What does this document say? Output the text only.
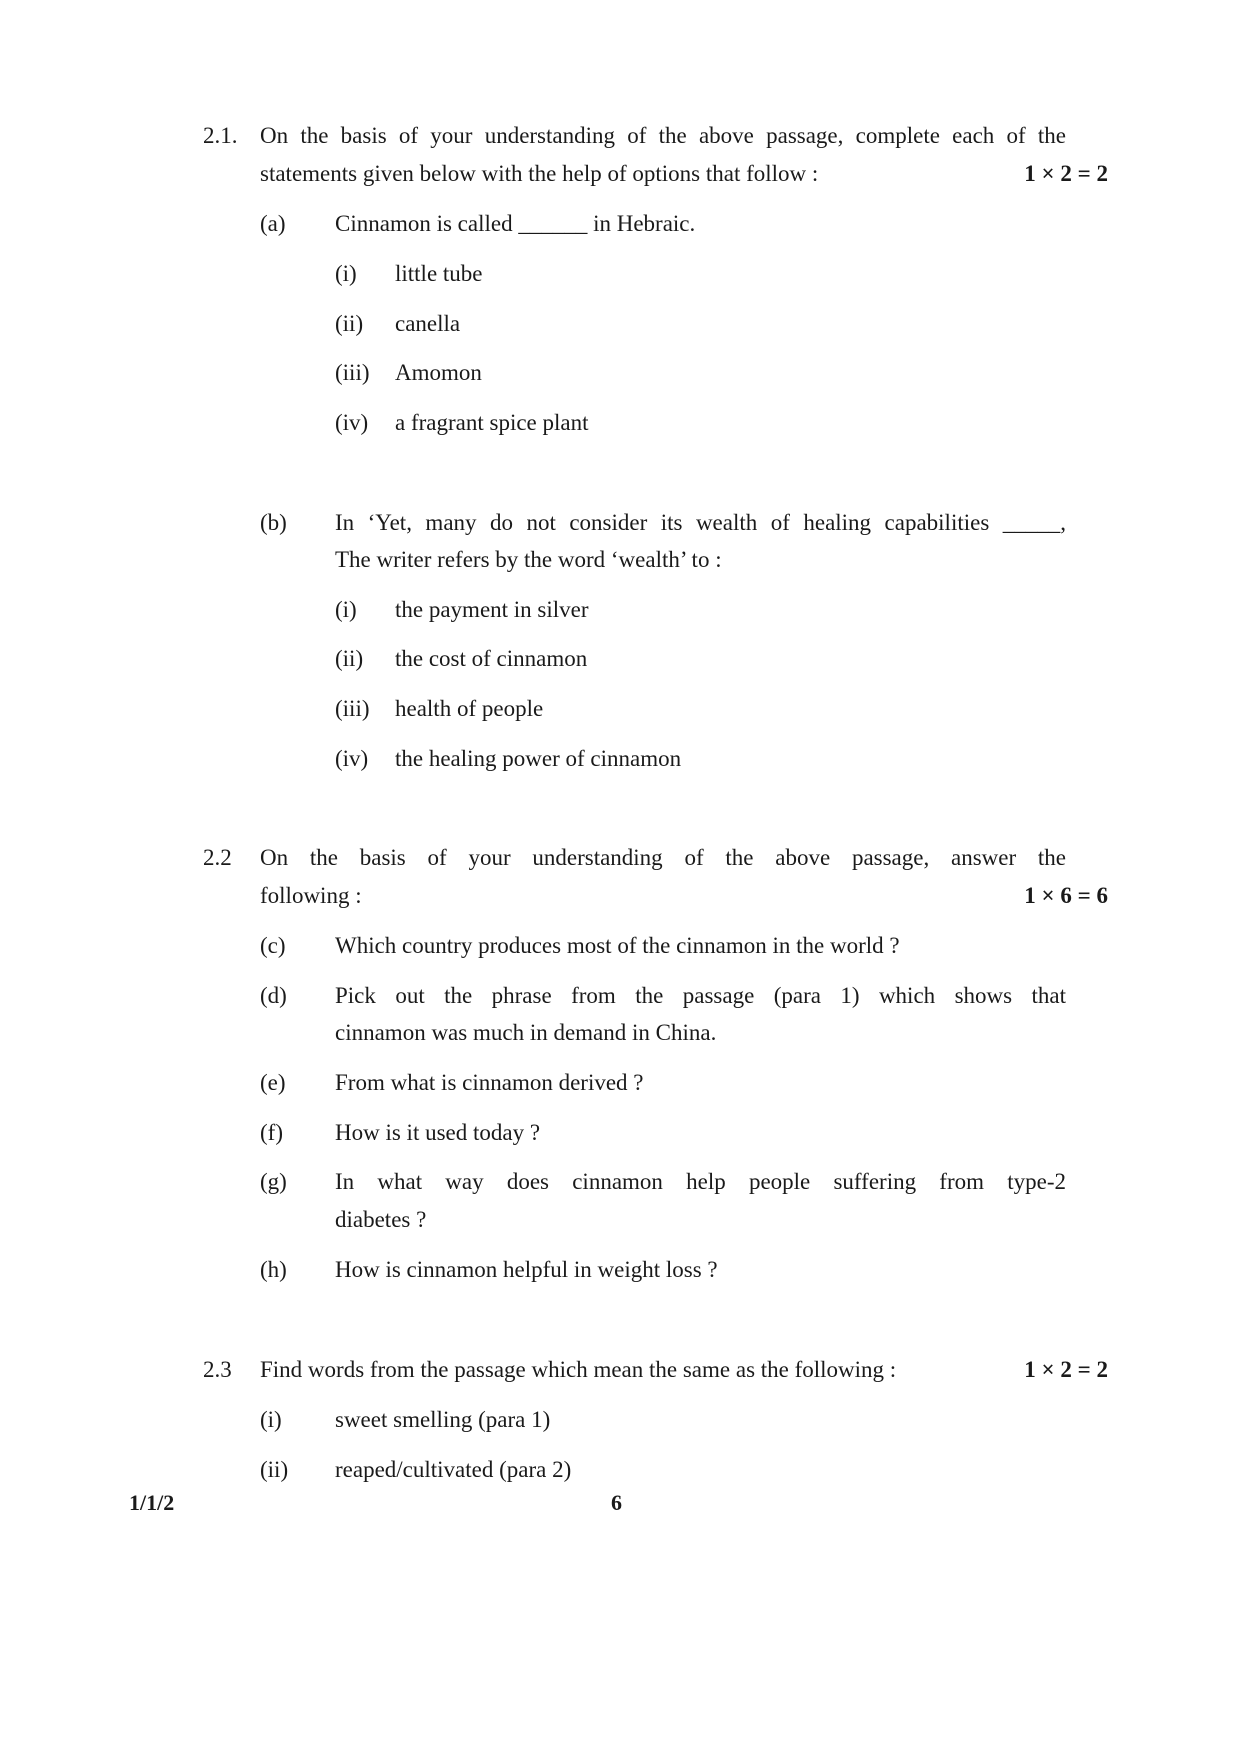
2.1. On the basis of your understanding of the above passage, complete each of the
statements given below with the help of options that follow :	1 × 2 = 2
(a) Cinnamon is called ______ in Hebraic.
(i) little tube
(ii) canella
(iii) Amomon
(iv) a fragrant spice plant
(b) In ‘Yet, many do not consider its wealth of healing capabilities _____,
The writer refers by the word ‘wealth’ to :
(i) the payment in silver
(ii) the cost of cinnamon
(iii) health of people
(iv) the healing power of cinnamon
2.2 On the basis of your understanding of the above passage, answer the
following :	1 × 6 = 6
(c) Which country produces most of the cinnamon in the world ?
(d) Pick out the phrase from the passage (para 1) which shows that
cinnamon was much in demand in China.
(e) From what is cinnamon derived ?
(f) How is it used today ?
(g) In what way does cinnamon help people suffering from type-2
diabetes ?
(h) How is cinnamon helpful in weight loss ?
2.3 Find words from the passage which mean the same as the following :	1 × 2 = 2
(i) sweet smelling (para 1)
(ii) reaped/cultivated (para 2)
1/1/2	6
